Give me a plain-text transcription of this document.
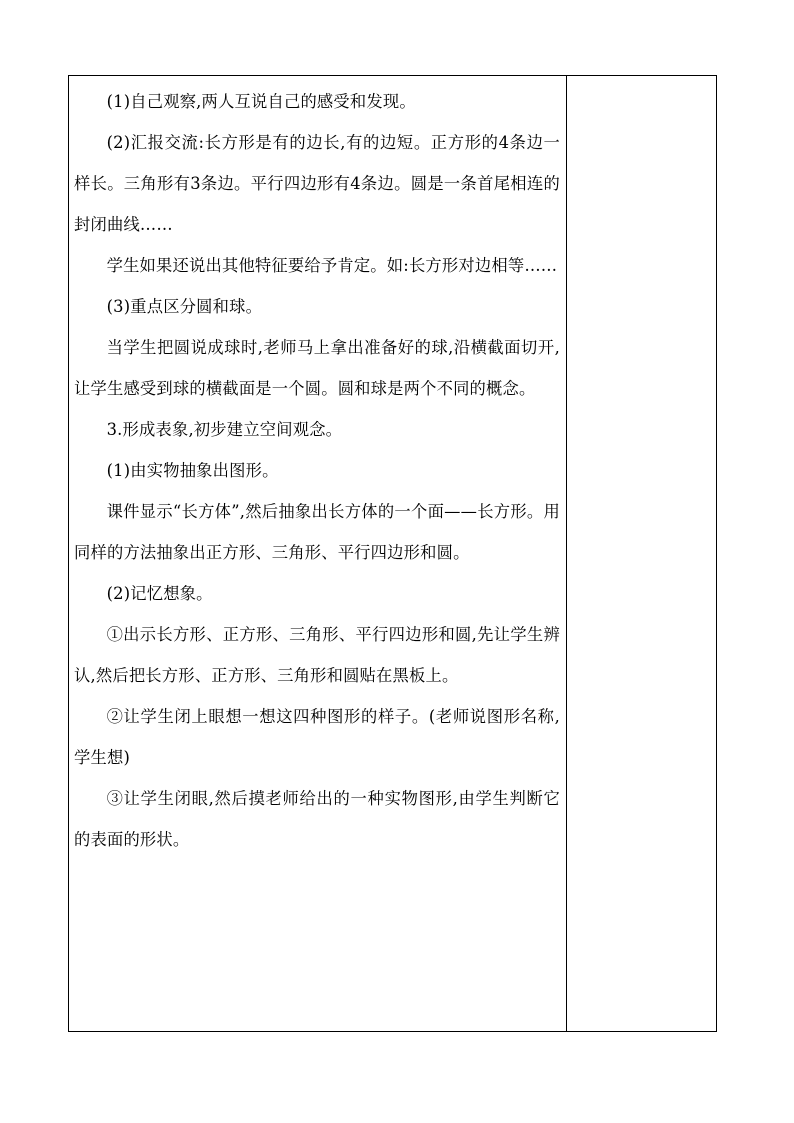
(1)自己观察,两人互说自己的感受和发现。

(2)汇报交流:长方形是有的边长,有的边短。正方形的4条边一样长。三角形有3条边。平行四边形有4条边。圆是一条首尾相连的封闭曲线……

学生如果还说出其他特征要给予肯定。如:长方形对边相等……

(3)重点区分圆和球。

当学生把圆说成球时,老师马上拿出准备好的球,沿横截面切开,让学生感受到球的横截面是一个圆。圆和球是两个不同的概念。

3.形成表象,初步建立空间观念。

(1)由实物抽象出图形。

课件显示“长方体”,然后抽象出长方体的一个面——长方形。用同样的方法抽象出正方形、三角形、平行四边形和圆。

(2)记忆想象。

①出示长方形、正方形、三角形、平行四边形和圆,先让学生辨认,然后把长方形、正方形、三角形和圆贴在黑板上。

②让学生闭上眼想一想这四种图形的样子。(老师说图形名称,学生想)

③让学生闭眼,然后摸老师给出的一种实物图形,由学生判断它的表面的形状。
